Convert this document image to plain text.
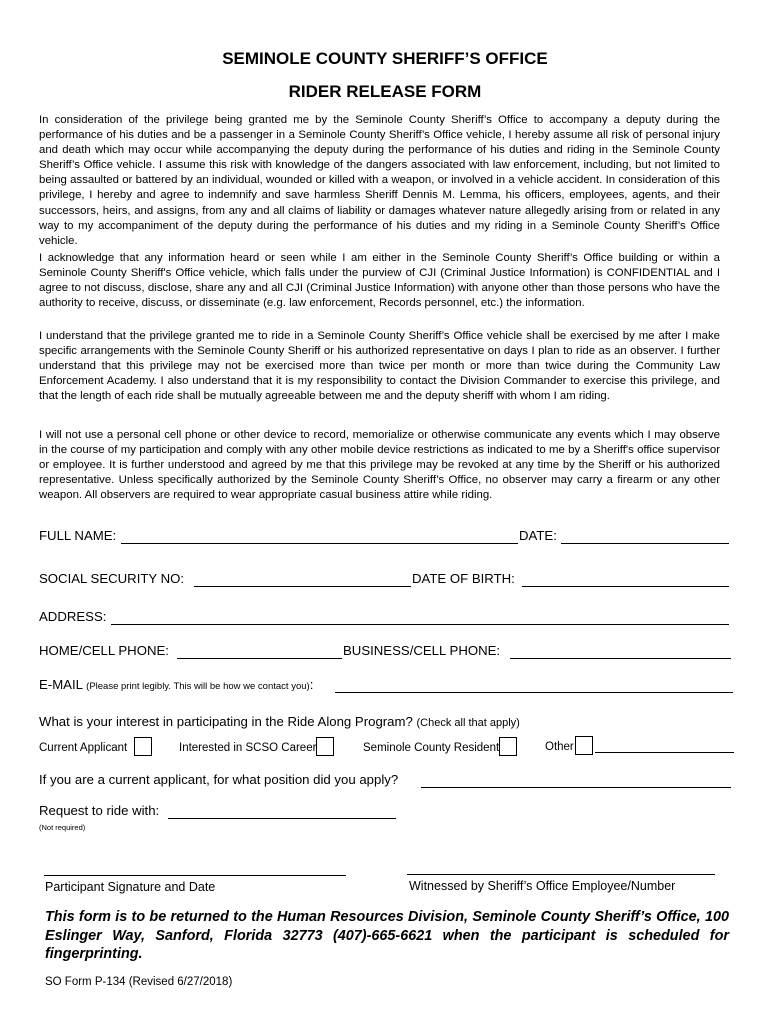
SEMINOLE COUNTY SHERIFF’S OFFICE
RIDER RELEASE FORM

In consideration of the privilege being granted me by the Seminole County Sheriff’s Office to accompany a deputy during the performance of his duties and be a passenger in a Seminole County Sheriff’s Office vehicle, I hereby assume all risk of personal injury and death which may occur while accompanying the deputy during the performance of his duties and riding in the Seminole County Sheriff’s Office vehicle. I assume this risk with knowledge of the dangers associated with law enforcement, including, but not limited to being assaulted or battered by an individual, wounded or killed with a weapon, or involved in a vehicle accident. In consideration of this privilege, I hereby and agree to indemnify and save harmless Sheriff Dennis M. Lemma, his officers, employees, agents, and their successors, heirs, and assigns, from any and all claims of liability or damages whatever nature allegedly arising from or related in any way to my accompaniment of the deputy during the performance of his duties and my riding in a Seminole County Sheriff’s Office vehicle.

I acknowledge that any information heard or seen while I am either in the Seminole County Sheriff’s Office building or within a Seminole County Sheriff's Office vehicle, which falls under the purview of CJI (Criminal Justice Information) is CONFIDENTIAL and I agree to not discuss, disclose, share any and all CJI (Criminal Justice Information) with anyone other than those persons who have the authority to receive, discuss, or disseminate (e.g. law enforcement, Records personnel, etc.) the information.

I understand that the privilege granted me to ride in a Seminole County Sheriff’s Office vehicle shall be exercised by me after I make specific arrangements with the Seminole County Sheriff or his authorized representative on days I plan to ride as an observer. I further understand that this privilege may not be exercised more than twice per month or more than twice during the Community Law Enforcement Academy. I also understand that it is my responsibility to contact the Division Commander to exercise this privilege, and that the length of each ride shall be mutually agreeable between me and the deputy sheriff with whom I am riding.

I will not use a personal cell phone or other device to record, memorialize or otherwise communicate any events which I may observe in the course of my participation and comply with any other mobile device restrictions as indicated to me by a Sheriff's office supervisor or employee. It is further understood and agreed by me that this privilege may be revoked at any time by the Sheriff or his authorized representative. Unless specifically authorized by the Seminole County Sheriff’s Office, no observer may carry a firearm or any other weapon. All observers are required to wear appropriate casual business attire while riding.

FULL NAME:	DATE:
SOCIAL SECURITY NO:	DATE OF BIRTH:
ADDRESS:
HOME/CELL PHONE:	BUSINESS/CELL PHONE:
E-MAIL (Please print legibly. This will be how we contact you):
What is your interest in participating in the Ride Along Program? (Check all that apply)
Current Applicant	Interested in SCSO Career	Seminole County Resident	Other
If you are a current applicant, for what position did you apply?
Request to ride with:
(Not required)
Participant Signature and Date	Witnessed by Sheriff’s Office Employee/Number

This form is to be returned to the Human Resources Division, Seminole County Sheriff’s Office, 100 Eslinger Way, Sanford, Florida 32773 (407)-665-6621 when the participant is scheduled for fingerprinting.

SO Form P-134 (Revised 6/27/2018)
